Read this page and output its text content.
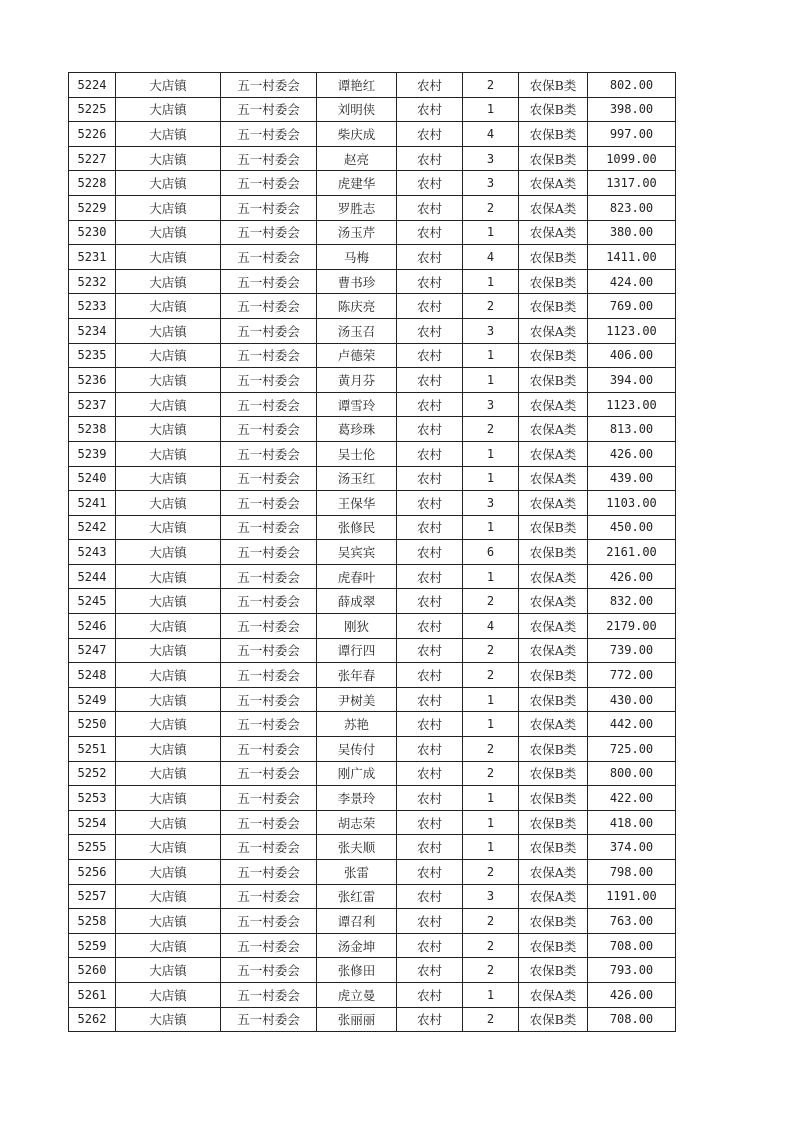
5224	大店镇	五一村委会	谭艳红	农村	2	农保B类	802.00
5225	大店镇	五一村委会	刘明侠	农村	1	农保B类	398.00
5226	大店镇	五一村委会	柴庆成	农村	4	农保B类	997.00
5227	大店镇	五一村委会	赵亮	农村	3	农保B类	1099.00
5228	大店镇	五一村委会	虎建华	农村	3	农保A类	1317.00
5229	大店镇	五一村委会	罗胜志	农村	2	农保A类	823.00
5230	大店镇	五一村委会	汤玉芹	农村	1	农保A类	380.00
5231	大店镇	五一村委会	马梅	农村	4	农保B类	1411.00
5232	大店镇	五一村委会	曹书珍	农村	1	农保B类	424.00
5233	大店镇	五一村委会	陈庆亮	农村	2	农保B类	769.00
5234	大店镇	五一村委会	汤玉召	农村	3	农保A类	1123.00
5235	大店镇	五一村委会	卢德荣	农村	1	农保B类	406.00
5236	大店镇	五一村委会	黄月芬	农村	1	农保B类	394.00
5237	大店镇	五一村委会	谭雪玲	农村	3	农保A类	1123.00
5238	大店镇	五一村委会	葛珍珠	农村	2	农保A类	813.00
5239	大店镇	五一村委会	吴士伦	农村	1	农保A类	426.00
5240	大店镇	五一村委会	汤玉红	农村	1	农保A类	439.00
5241	大店镇	五一村委会	王保华	农村	3	农保A类	1103.00
5242	大店镇	五一村委会	张修民	农村	1	农保B类	450.00
5243	大店镇	五一村委会	吴宾宾	农村	6	农保B类	2161.00
5244	大店镇	五一村委会	虎春叶	农村	1	农保A类	426.00
5245	大店镇	五一村委会	薛成翠	农村	2	农保A类	832.00
5246	大店镇	五一村委会	刚狄	农村	4	农保A类	2179.00
5247	大店镇	五一村委会	谭行四	农村	2	农保A类	739.00
5248	大店镇	五一村委会	张年春	农村	2	农保B类	772.00
5249	大店镇	五一村委会	尹树美	农村	1	农保B类	430.00
5250	大店镇	五一村委会	苏艳	农村	1	农保A类	442.00
5251	大店镇	五一村委会	吴传付	农村	2	农保B类	725.00
5252	大店镇	五一村委会	刚广成	农村	2	农保B类	800.00
5253	大店镇	五一村委会	李景玲	农村	1	农保B类	422.00
5254	大店镇	五一村委会	胡志荣	农村	1	农保B类	418.00
5255	大店镇	五一村委会	张夫顺	农村	1	农保B类	374.00
5256	大店镇	五一村委会	张雷	农村	2	农保A类	798.00
5257	大店镇	五一村委会	张红雷	农村	3	农保A类	1191.00
5258	大店镇	五一村委会	谭召利	农村	2	农保B类	763.00
5259	大店镇	五一村委会	汤金坤	农村	2	农保B类	708.00
5260	大店镇	五一村委会	张修田	农村	2	农保B类	793.00
5261	大店镇	五一村委会	虎立曼	农村	1	农保A类	426.00
5262	大店镇	五一村委会	张丽丽	农村	2	农保B类	708.00
